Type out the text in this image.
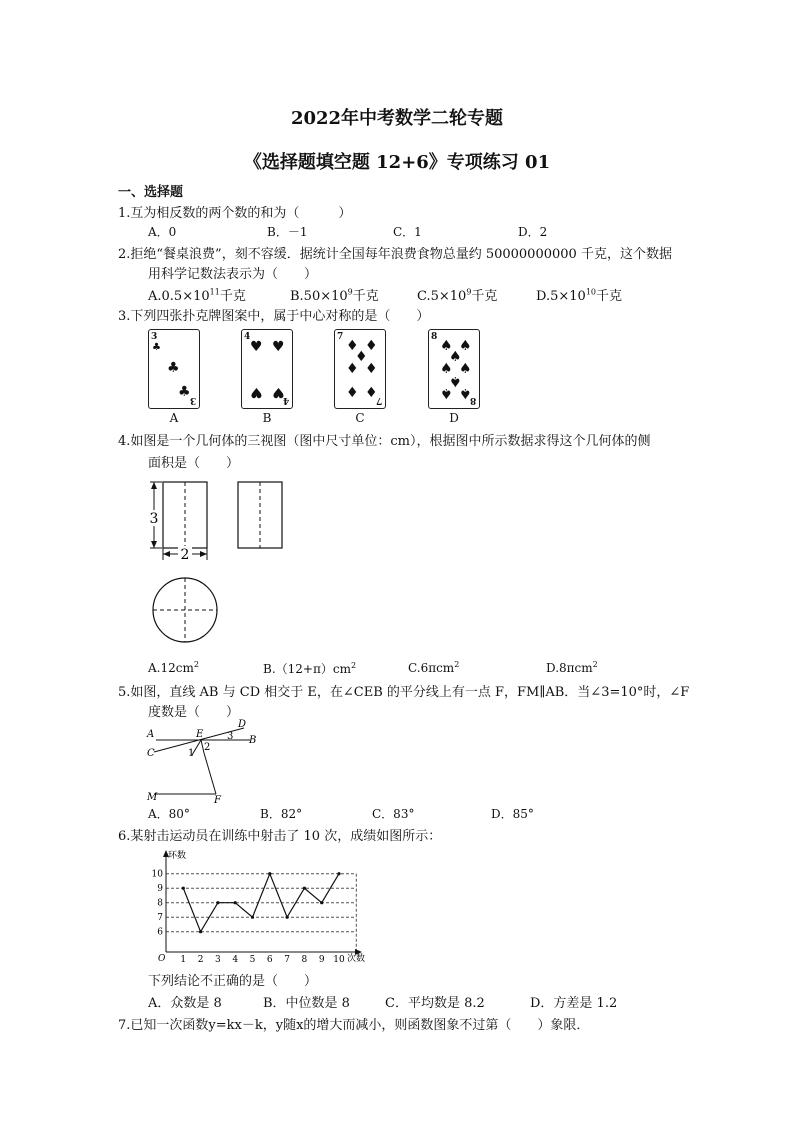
2022年中考数学二轮专题
《选择题填空题 12+6》专项练习 01
一、选择题
1.互为相反数的两个数的和为（　　　）
A．0	B．－1	C．1	D．2
2.拒绝“餐桌浪费”，刻不容缓．据统计全国每年浪费食物总量约 50000000000 千克，这个数据
用科学记数法表示为（　　）
$A.0.5\times 10^{11}$千克	$B.50\times 10^9$千克	$C.5\times 10^9$千克	$D.5\times 10^{10}$千克
3.下列四张扑克牌图案中，属于中心对称的是（　　）
3
♣
♣
♣ 3
A
4
♥ ♥
♥ ♥
4
B
7
♦ ♦
♦
♦ ♦
♦ ♦
7
C
8
♠ ♠
♠
♠ ♠
♠
♠ ♠
8
D
4.如图是一个几何体的三视图（图中尺寸单位：cm），根据图中所示数据求得这个几何体的侧
面积是（　　）
3
2
$A.12cm^2$	$B.(12+\pi)cm^2$	C.6πcm$^2$	D.8πcm$^2$
5.如图，直线 AB 与 CD 相交于 E，在∠CEB 的平分线上有一点 F，FM∥AB．当∠3=10°时，∠F
度数是（　　）
A
B
C
D
E
F
M
1
2
3
A．80°	B．82°	C．83°	D．85°
6.某射击运动员在训练中射击了 10 次，成绩如图所示：
6
7
8
9
10
1 2 3 4 5 6 7 8 9 10
环数
次数
O
下列结论不正确的是（　　）
A．众数是 8	B．中位数是 8	C．平均数是 8.2	D．方差是 1.2
7.已知一次函数y=kx－k，y随x的增大而减小，则函数图象不过第（　　）象限．
